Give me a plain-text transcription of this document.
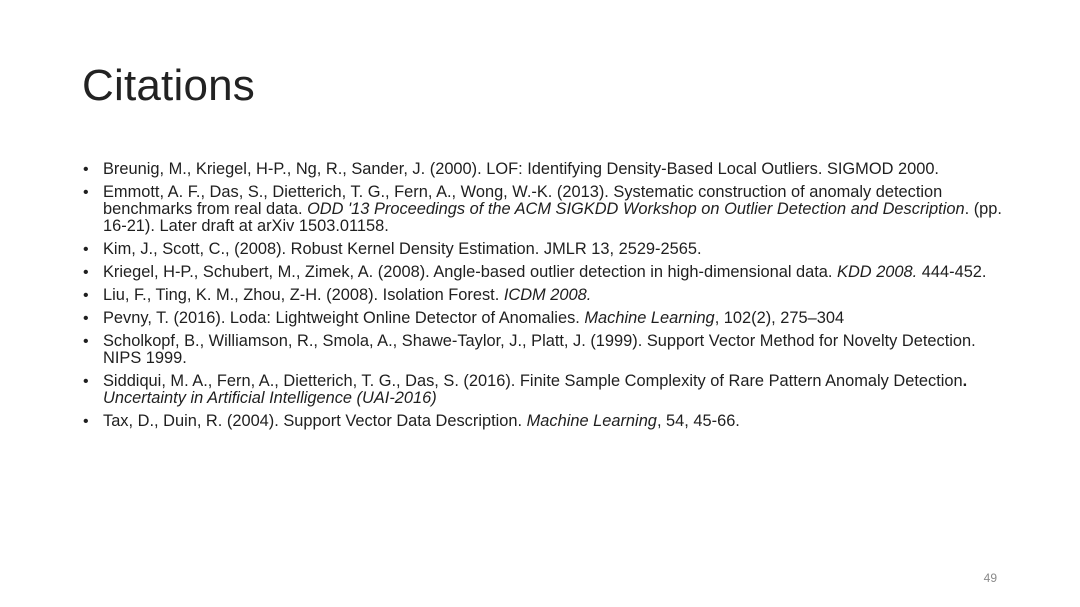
Citations
• Breunig, M., Kriegel, H-P., Ng, R., Sander, J. (2000). LOF: Identifying Density-Based Local Outliers. SIGMOD 2000.
• Emmott, A. F., Das, S., Dietterich, T. G., Fern, A., Wong, W.-K. (2013). Systematic construction of anomaly detection benchmarks from real data. ODD '13 Proceedings of the ACM SIGKDD Workshop on Outlier Detection and Description. (pp. 16-21). Later draft at arXiv 1503.01158.
• Kim, J., Scott, C., (2008). Robust Kernel Density Estimation. JMLR 13, 2529-2565.
• Kriegel, H-P., Schubert, M., Zimek, A. (2008). Angle-based outlier detection in high-dimensional data. KDD 2008. 444-452.
• Liu, F., Ting, K. M., Zhou, Z-H. (2008). Isolation Forest. ICDM 2008.
• Pevny, T. (2016). Loda: Lightweight Online Detector of Anomalies. Machine Learning, 102(2), 275–304
• Scholkopf, B., Williamson, R., Smola, A., Shawe-Taylor, J., Platt, J. (1999). Support Vector Method for Novelty Detection. NIPS 1999.
• Siddiqui, M. A., Fern, A., Dietterich, T. G., Das, S. (2016). Finite Sample Complexity of Rare Pattern Anomaly Detection. Uncertainty in Artificial Intelligence (UAI-2016)
• Tax, D., Duin, R. (2004). Support Vector Data Description. Machine Learning, 54, 45-66.
49
